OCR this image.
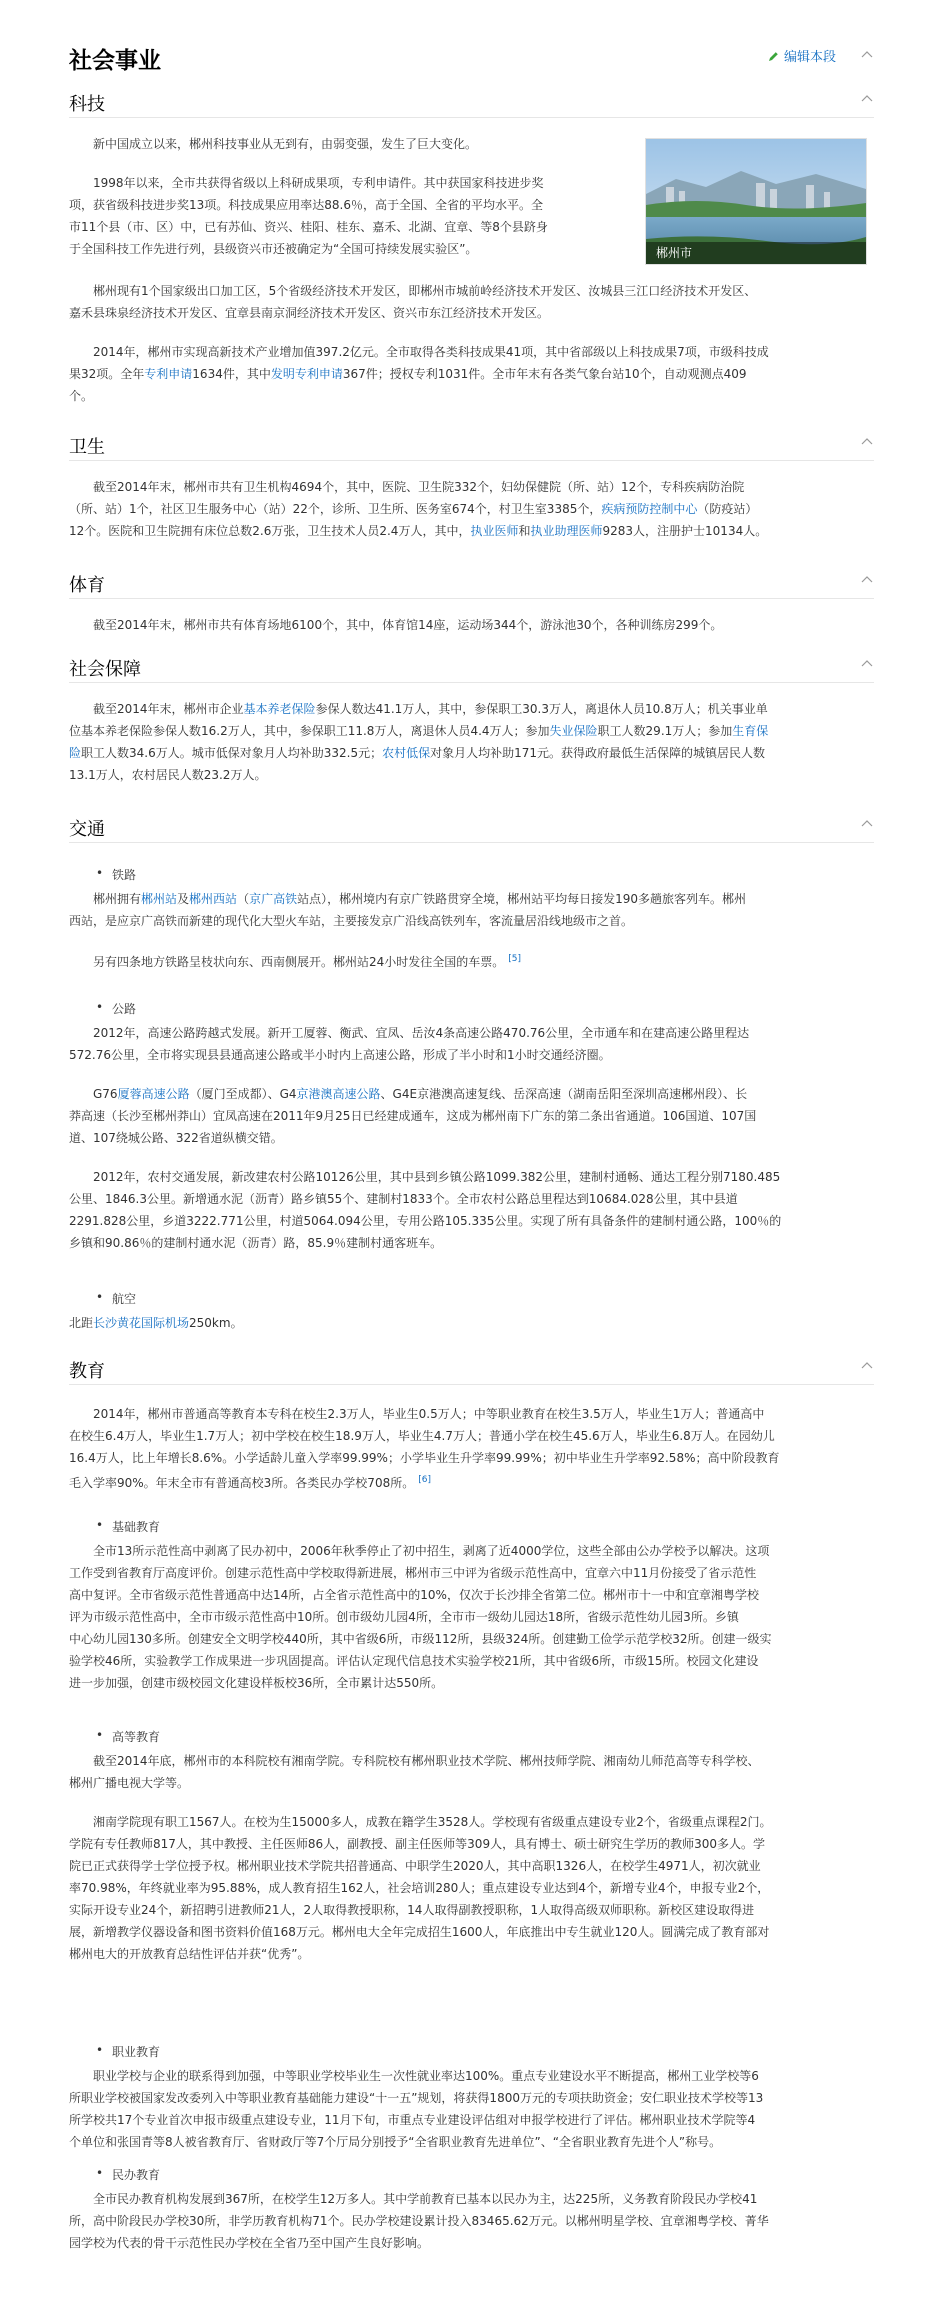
社会事业	编辑本段
郴州市
科技
新中国成立以来，郴州科技事业从无到有，由弱变强，发生了巨大变化。
1998年以来，全市共获得省级以上科研成果项，专利申请件。其中获国家科技进步奖
项，获省级科技进步奖13项。科技成果应用率达88.6％，高于全国、全省的平均水平。全
市11个县（市、区）中，已有苏仙、资兴、桂阳、桂东、嘉禾、北湖、宜章、等8个县跻身
于全国科技工作先进行列，县级资兴市还被确定为“全国可持续发展实验区”。
郴州现有1个国家级出口加工区，5个省级经济技术开发区，即郴州市城前岭经济技术开发区、汝城县三江口经济技术开发区、
嘉禾县珠泉经济技术开发区、宜章县南京洞经济技术开发区、资兴市东江经济技术开发区。
2014年，郴州市实现高新技术产业增加值397.2亿元。全市取得各类科技成果41项，其中省部级以上科技成果7项，市级科技成
果32项。全年专利申请1634件，其中发明专利申请367件；授权专利1031件。全市年末有各类气象台站10个，自动观测点409
个。
卫生
截至2014年末，郴州市共有卫生机构4694个，其中，医院、卫生院332个，妇幼保健院（所、站）12个，专科疾病防治院
（所、站）1个，社区卫生服务中心（站）22个，诊所、卫生所、医务室674个，村卫生室3385个，疾病预防控制中心（防疫站）
12个。医院和卫生院拥有床位总数2.6万张，卫生技术人员2.4万人，其中，执业医师和执业助理医师9283人，注册护士10134人。
体育
截至2014年末，郴州市共有体育场地6100个，其中，体育馆14座，运动场344个，游泳池30个，各种训练房299个。
社会保障
截至2014年末，郴州市企业基本养老保险参保人数达41.1万人，其中，参保职工30.3万人，离退休人员10.8万人；机关事业单
位基本养老保险参保人数16.2万人，其中，参保职工11.8万人，离退休人员4.4万人；参加失业保险职工人数29.1万人；参加生育保
险职工人数34.6万人。城市低保对象月人均补助332.5元；农村低保对象月人均补助171元。获得政府最低生活保障的城镇居民人数
13.1万人，农村居民人数23.2万人。
交通
• 铁路
郴州拥有郴州站及郴州西站（京广高铁站点），郴州境内有京广铁路贯穿全境，郴州站平均每日接发190多趟旅客列车。郴州
西站，是应京广高铁而新建的现代化大型火车站，主要接发京广沿线高铁列车，客流量居沿线地级市之首。
另有四条地方铁路呈枝状向东、西南侧展开。郴州站24小时发往全国的车票。 [5]
• 公路
2012年，高速公路跨越式发展。新开工厦蓉、衡武、宜凤、岳汝4条高速公路470.76公里，全市通车和在建高速公路里程达
572.76公里，全市将实现县县通高速公路或半小时内上高速公路，形成了半小时和1小时交通经济圈。
G76厦蓉高速公路（厦门至成都）、G4京港澳高速公路、G4E京港澳高速复线、岳深高速（湖南岳阳至深圳高速郴州段）、长
莽高速（长沙至郴州莽山）宜凤高速在2011年9月25日已经建成通车，这成为郴州南下广东的第二条出省通道。106国道、107国
道、107绕城公路、322省道纵横交错。
2012年，农村交通发展，新改建农村公路10126公里，其中县到乡镇公路1099.382公里，建制村通畅、通达工程分别7180.485
公里、1846.3公里。新增通水泥（沥青）路乡镇55个、建制村1833个。全市农村公路总里程达到10684.028公里，其中县道
2291.828公里，乡道3222.771公里，村道5064.094公里，专用公路105.335公里。实现了所有具备条件的建制村通公路，100％的
乡镇和90.86％的建制村通水泥（沥青）路，85.9％建制村通客班车。
• 航空
北距长沙黄花国际机场250km。
教育
2014年，郴州市普通高等教育本专科在校生2.3万人，毕业生0.5万人；中等职业教育在校生3.5万人，毕业生1万人；普通高中
在校生6.4万人，毕业生1.7万人；初中学校在校生18.9万人，毕业生4.7万人；普通小学在校生45.6万人，毕业生6.8万人。在园幼儿
16.4万人，比上年增长8.6%。小学适龄儿童入学率99.99%；小学毕业生升学率99.99%；初中毕业生升学率92.58%；高中阶段教育
毛入学率90%。年末全市有普通高校3所。各类民办学校708所。 [6]
• 基础教育
全市13所示范性高中剥离了民办初中，2006年秋季停止了初中招生，剥离了近4000学位，这些全部由公办学校予以解决。这项
工作受到省教育厅高度评价。创建示范性高中学校取得新进展，郴州市三中评为省级示范性高中，宜章六中11月份接受了省示范性
高中复评。全市省级示范性普通高中达14所，占全省示范性高中的10%，仅次于长沙排全省第二位。郴州市十一中和宜章湘粤学校
评为市级示范性高中，全市市级示范性高中10所。创市级幼儿园4所，全市市一级幼儿园达18所，省级示范性幼儿园3所。乡镇
中心幼儿园130多所。创建安全文明学校440所，其中省级6所，市级112所，县级324所。创建勤工俭学示范学校32所。创建一级实
验学校46所，实验教学工作成果进一步巩固提高。评估认定现代信息技术实验学校21所，其中省级6所，市级15所。校园文化建设
进一步加强，创建市级校园文化建设样板校36所，全市累计达550所。
• 高等教育
截至2014年底，郴州市的本科院校有湘南学院。专科院校有郴州职业技术学院、郴州技师学院、湘南幼儿师范高等专科学校、
郴州广播电视大学等。
湘南学院现有职工1567人。在校为生15000多人，成教在籍学生3528人。学校现有省级重点建设专业2个，省级重点课程2门。
学院有专任教师817人，其中教授、主任医师86人，副教授、副主任医师等309人，具有博士、硕士研究生学历的教师300多人。学
院已正式获得学士学位授予权。郴州职业技术学院共招普通高、中职学生2020人，其中高职1326人，在校学生4971人，初次就业
率70.98%，年终就业率为95.88%，成人教育招生162人，社会培训280人；重点建设专业达到4个，新增专业4个，申报专业2个，
实际开设专业24个，新招聘引进教师21人，2人取得教授职称，14人取得副教授职称，1人取得高级双师职称。新校区建设取得进
展，新增教学仪器设备和图书资料价值168万元。郴州电大全年完成招生1600人，年底推出中专生就业120人。圆满完成了教育部对
郴州电大的开放教育总结性评估并获“优秀”。
• 职业教育
职业学校与企业的联系得到加强，中等职业学校毕业生一次性就业率达100%。重点专业建设水平不断提高，郴州工业学校等6
所职业学校被国家发改委列入中等职业教育基础能力建设“十一五”规划，将获得1800万元的专项扶助资金；安仁职业技术学校等13
所学校共17个专业首次申报市级重点建设专业，11月下旬，市重点专业建设评估组对申报学校进行了评估。郴州职业技术学院等4
个单位和张国青等8人被省教育厅、省财政厅等7个厅局分别授予“全省职业教育先进单位”、“全省职业教育先进个人”称号。
• 民办教育
全市民办教育机构发展到367所，在校学生12万多人。其中学前教育已基本以民办为主，达225所，义务教育阶段民办学校41
所，高中阶段民办学校30所，非学历教育机构71个。民办学校建设累计投入83465.62万元。以郴州明星学校、宜章湘粤学校、菁华
园学校为代表的骨干示范性民办学校在全省乃至中国产生良好影响。
